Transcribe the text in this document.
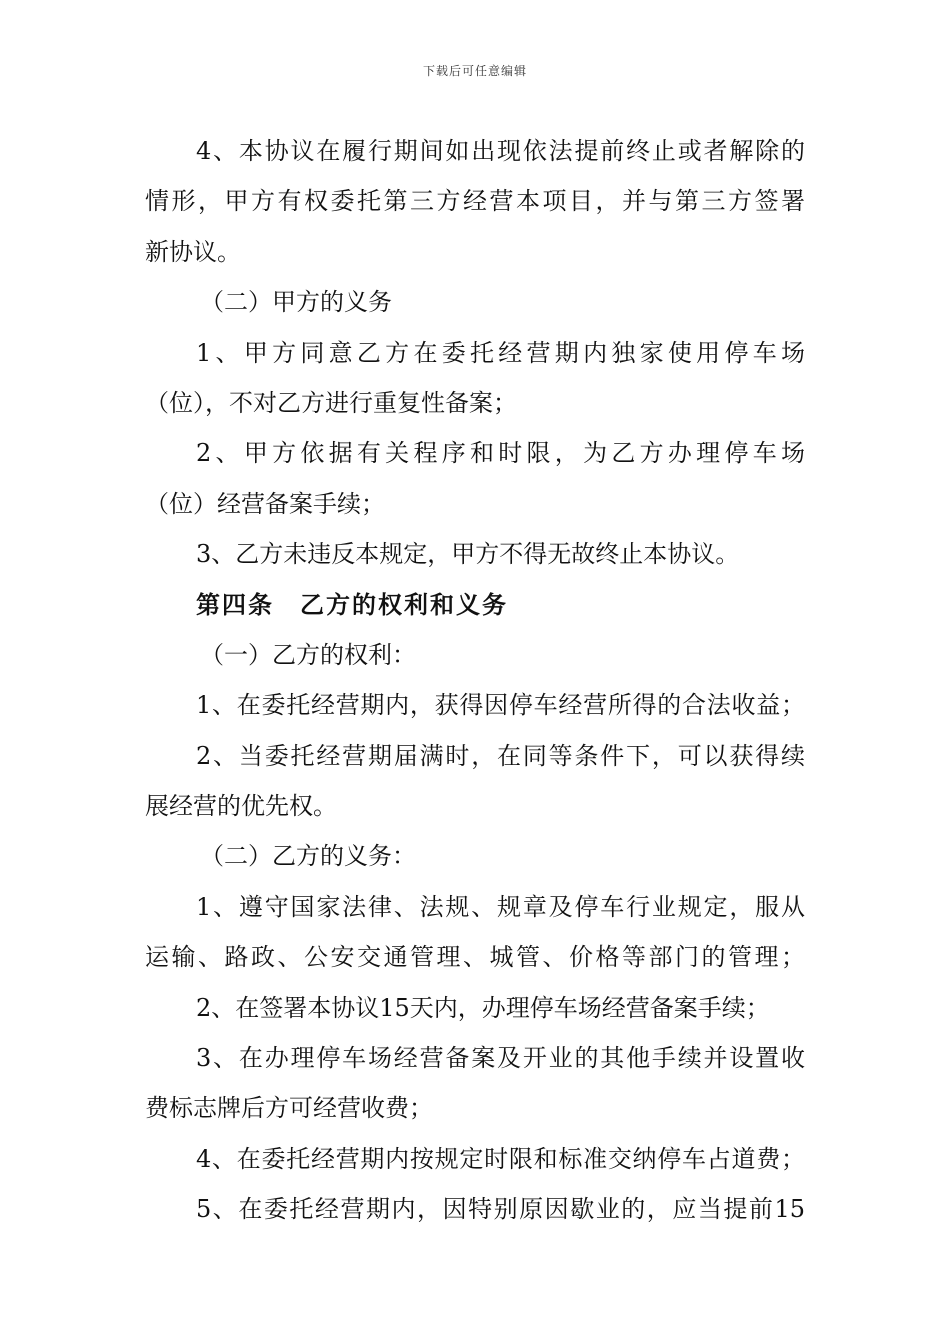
下载后可任意编辑
4、本协议在履行期间如出现依法提前终止或者解除的
情形，甲方有权委托第三方经营本项目，并与第三方签署
新协议。
（二）甲方的义务
1、甲方同意乙方在委托经营期内独家使用停车场
（位），不对乙方进行重复性备案；
2、甲方依据有关程序和时限，为乙方办理停车场
（位）经营备案手续；
3、乙方未违反本规定，甲方不得无故终止本协议。
第四条　乙方的权利和义务
（一）乙方的权利：
1、在委托经营期内，获得因停车经营所得的合法收益；
2、当委托经营期届满时，在同等条件下，可以获得续
展经营的优先权。
（二）乙方的义务：
1、遵守国家法律、法规、规章及停车行业规定，服从
运输、路政、公安交通管理、城管、价格等部门的管理；
2、在签署本协议15天内，办理停车场经营备案手续；
3、在办理停车场经营备案及开业的其他手续并设置收
费标志牌后方可经营收费；
4、在委托经营期内按规定时限和标准交纳停车占道费；
5、在委托经营期内，因特别原因歇业的，应当提前15
